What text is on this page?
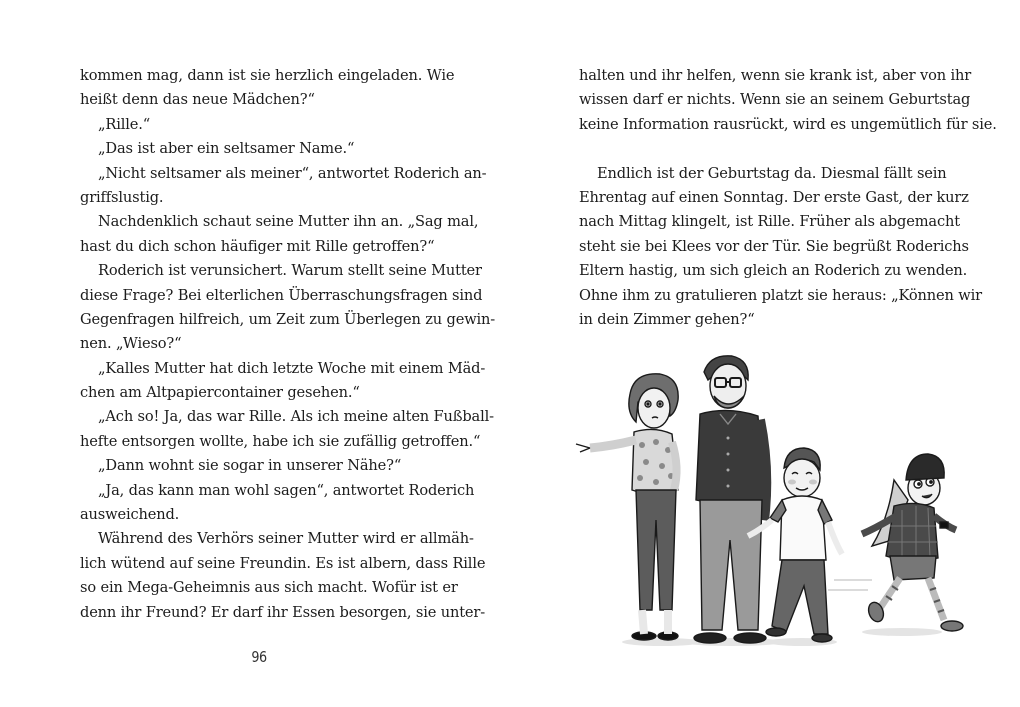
kommen mag, dann ist sie herzlich eingeladen. Wie
heißt denn das neue Mädchen?“
„Rille.“
„Das ist aber ein seltsamer Name.“
„Nicht seltsamer als meiner“, antwortet Roderich an-
griffslustig.
Nachdenklich schaut seine Mutter ihn an. „Sag mal,
hast du dich schon häufiger mit Rille getroffen?“
Roderich ist verunsichert. Warum stellt seine Mutter
diese Frage? Bei elterlichen Überraschungsfragen sind
Gegenfragen hilfreich, um Zeit zum Überlegen zu gewin-
nen. „Wieso?“
„Kalles Mutter hat dich letzte Woche mit einem Mäd-
chen am Altpapiercontainer gesehen.“
„Ach so! Ja, das war Rille. Als ich meine alten Fußball-
hefte entsorgen wollte, habe ich sie zufällig getroffen.“
„Dann wohnt sie sogar in unserer Nähe?“
„Ja, das kann man wohl sagen“, antwortet Roderich
ausweichend.
Während des Verhörs seiner Mutter wird er allmäh-
lich wütend auf seine Freundin. Es ist albern, dass Rille
so ein Mega-Geheimnis aus sich macht. Wofür ist er
denn ihr Freund? Er darf ihr Essen besorgen, sie unter-
96
halten und ihr helfen, wenn sie krank ist, aber von ihr
wissen darf er nichts. Wenn sie an seinem Geburtstag
keine Information rausrückt, wird es ungemütlich für sie.
Endlich ist der Geburtstag da. Diesmal fällt sein
Ehrentag auf einen Sonntag. Der erste Gast, der kurz
nach Mittag klingelt, ist Rille. Früher als abgemacht
steht sie bei Klees vor der Tür. Sie begrüßt Roderichs
Eltern hastig, um sich gleich an Roderich zu wenden.
Ohne ihm zu gratulieren platzt sie heraus: „Können wir
in dein Zimmer gehen?“
